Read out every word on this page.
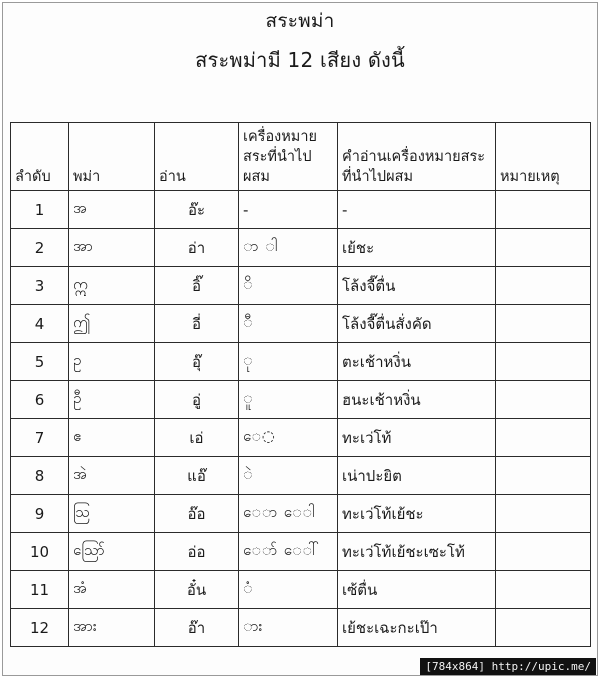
สระพม่า
สระพม่ามี 12 เสียง ดังนี้
ลำดับ	พม่า	อ่าน	เครื่องหมายสระที่นำไปผสม	คำอ่านเครื่องหมายสระที่นำไปผสม	หมายเหตุ
1	အ	อ๊ะ	-	-	
2	အာ	อ่า	◌ာ ◌ါ	เย้ชะ	
3	ဣ	อิ๊	◌ိ	โล้งจี๊ตื่น	
4	ဤ	อี่	◌ီ	โล้งจี๊ตื่นสั่งคัด	
5	ဥ	อุ๊	◌ု	ตะเช้าหงิ่น	
6	ဦ	อู่	◌ူ	ฮนะเช้าหงิ่น	
7	ဧ	เอ่	ေ◌	ทะเว่โท้	
8	အဲ	แอ๊	◌ဲ	เน่าปะยิต	
9	ဩ	อ๊อ	ေ◌ာ ေ◌ါ	ทะเว่โท้เย้ชะ	
10	ဪ	อ่อ	ေ◌ာ် ေ◌ါ်	ทะเว่โท้เย้ชะเซะโท้	
11	အံ	อั๋น	◌ံ	เซ้ตื่น	
12	အား	อ๊า	◌ား	เย้ชะเฉะกะเป๊า	
[784x864] http://upic.me/
